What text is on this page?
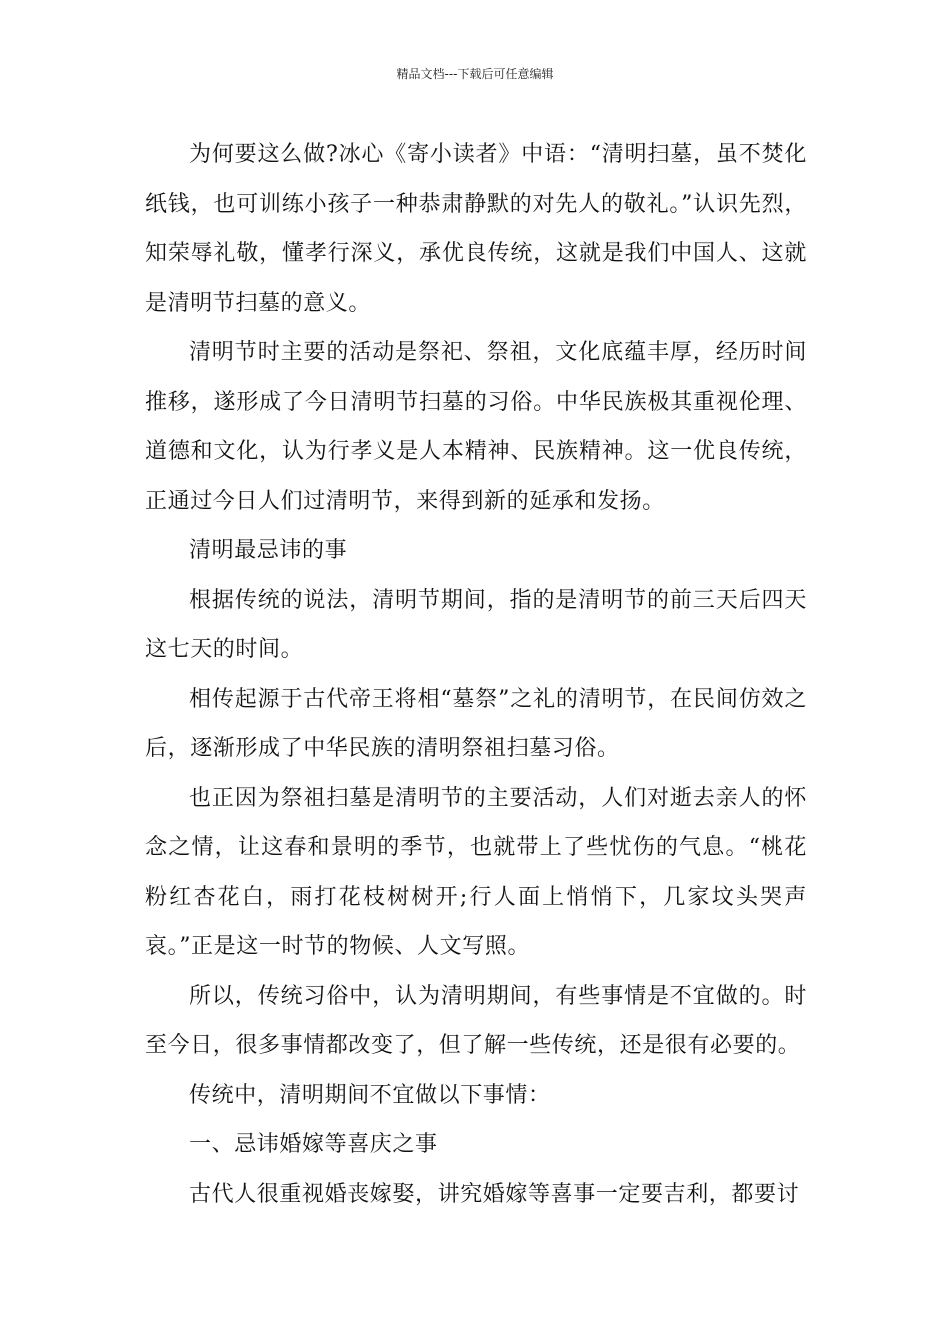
精品文档---下载后可任意编辑

为何要这么做?冰心《寄小读者》中语：“清明扫墓，虽不焚化纸钱，也可训练小孩子一种恭肃静默的对先人的敬礼。”认识先烈，知荣辱礼敬，懂孝行深义，承优良传统，这就是我们中国人、这就是清明节扫墓的意义。

清明节时主要的活动是祭祀、祭祖，文化底蕴丰厚，经历时间推移，遂形成了今日清明节扫墓的习俗。中华民族极其重视伦理、道德和文化，认为行孝义是人本精神、民族精神。这一优良传统，正通过今日人们过清明节，来得到新的延承和发扬。

清明最忌讳的事

根据传统的说法，清明节期间，指的是清明节的前三天后四天这七天的时间。

相传起源于古代帝王将相“墓祭”之礼的清明节，在民间仿效之后，逐渐形成了中华民族的清明祭祖扫墓习俗。

也正因为祭祖扫墓是清明节的主要活动，人们对逝去亲人的怀念之情，让这春和景明的季节，也就带上了些忧伤的气息。“桃花粉红杏花白，雨打花枝树树开;行人面上悄悄下，几家坟头哭声哀。”正是这一时节的物候、人文写照。

所以，传统习俗中，认为清明期间，有些事情是不宜做的。时至今日，很多事情都改变了，但了解一些传统，还是很有必要的。

传统中，清明期间不宜做以下事情：

一、忌讳婚嫁等喜庆之事

古代人很重视婚丧嫁娶，讲究婚嫁等喜事一定要吉利，都要讨
